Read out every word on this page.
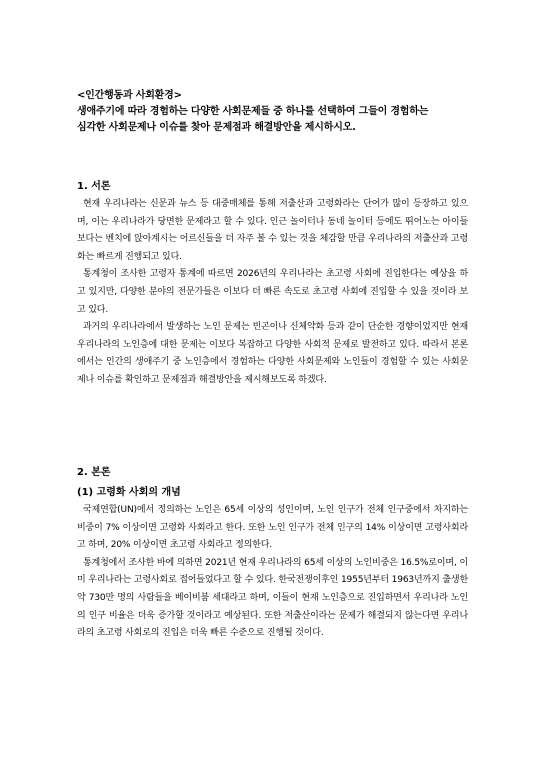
<인간행동과 사회환경>
생애주기에 따라 경험하는 다양한 사회문제들 중 하나를 선택하여 그들이 경험하는
심각한 사회문제나 이슈를 찾아 문제점과 해결방안을 제시하시오.
1. 서론

현재 우리나라는 신문과 뉴스 등 대중매체를 통해 저출산과 고령화라는 단어가 많이 등장하고 있으며, 이는 우리나라가 당면한 문제라고 할 수 있다. 인근 놀이터나 동네 놀이터 등에도 뛰어노는 아이들보다는 벤치에 앉아계시는 어르신들을 더 자주 볼 수 있는 것을 체감할 만큼 우리나라의 저출산과 고령화는 빠르게 진행되고 있다.

통계청이 조사한 고령자 통계에 따르면 2026년의 우리나라는 초고령 사회에 진입한다는 예상을 하고 있지만, 다양한 분야의 전문가들은 이보다 더 빠른 속도로 초고령 사회에 진입할 수 있을 것이라 보고 있다.

과거의 우리나라에서 발생하는 노인 문제는 빈곤이나 신체약화 등과 같이 단순한 경향이었지만 현재 우리나라의 노인층에 대한 문제는 이보다 복잡하고 다양한 사회적 문제로 발전하고 있다. 따라서 본론에서는 인간의 생애주기 중 노인층에서 경험하는 다양한 사회문제와 노인들이 경험할 수 있는 사회문제나 이슈를 확인하고 문제점과 해결방안을 제시해보도록 하겠다.

2. 본론
(1) 고령화 사회의 개념

국제연합(UN)에서 정의하는 노인은 65세 이상의 성인이며, 노인 인구가 전체 인구중에서 차지하는 비중이 7% 이상이면 고령화 사회라고 한다. 또한 노인 인구가 전체 인구의 14% 이상이면 고령사회라고 하며, 20% 이상이면 초고령 사회라고 정의한다.

통계청에서 조사한 바에 의하면 2021년 현재 우리나라의 65세 이상의 노인비중은 16.5%로이며, 이미 우리나라는 고령사회로 접어들었다고 할 수 있다. 한국전쟁이후인 1955년부터 1963년까지 출생한 약 730만 명의 사람들을 베이비붐 세대라고 하며, 이들이 현재 노인층으로 진입하면서 우리나라 노인의 인구 비율은 더욱 증가할 것이라고 예상된다. 또한 저출산이라는 문제가 해결되지 않는다면 우리나라의 초고령 사회로의 진입은 더욱 빠른 수준으로 진행될 것이다.
